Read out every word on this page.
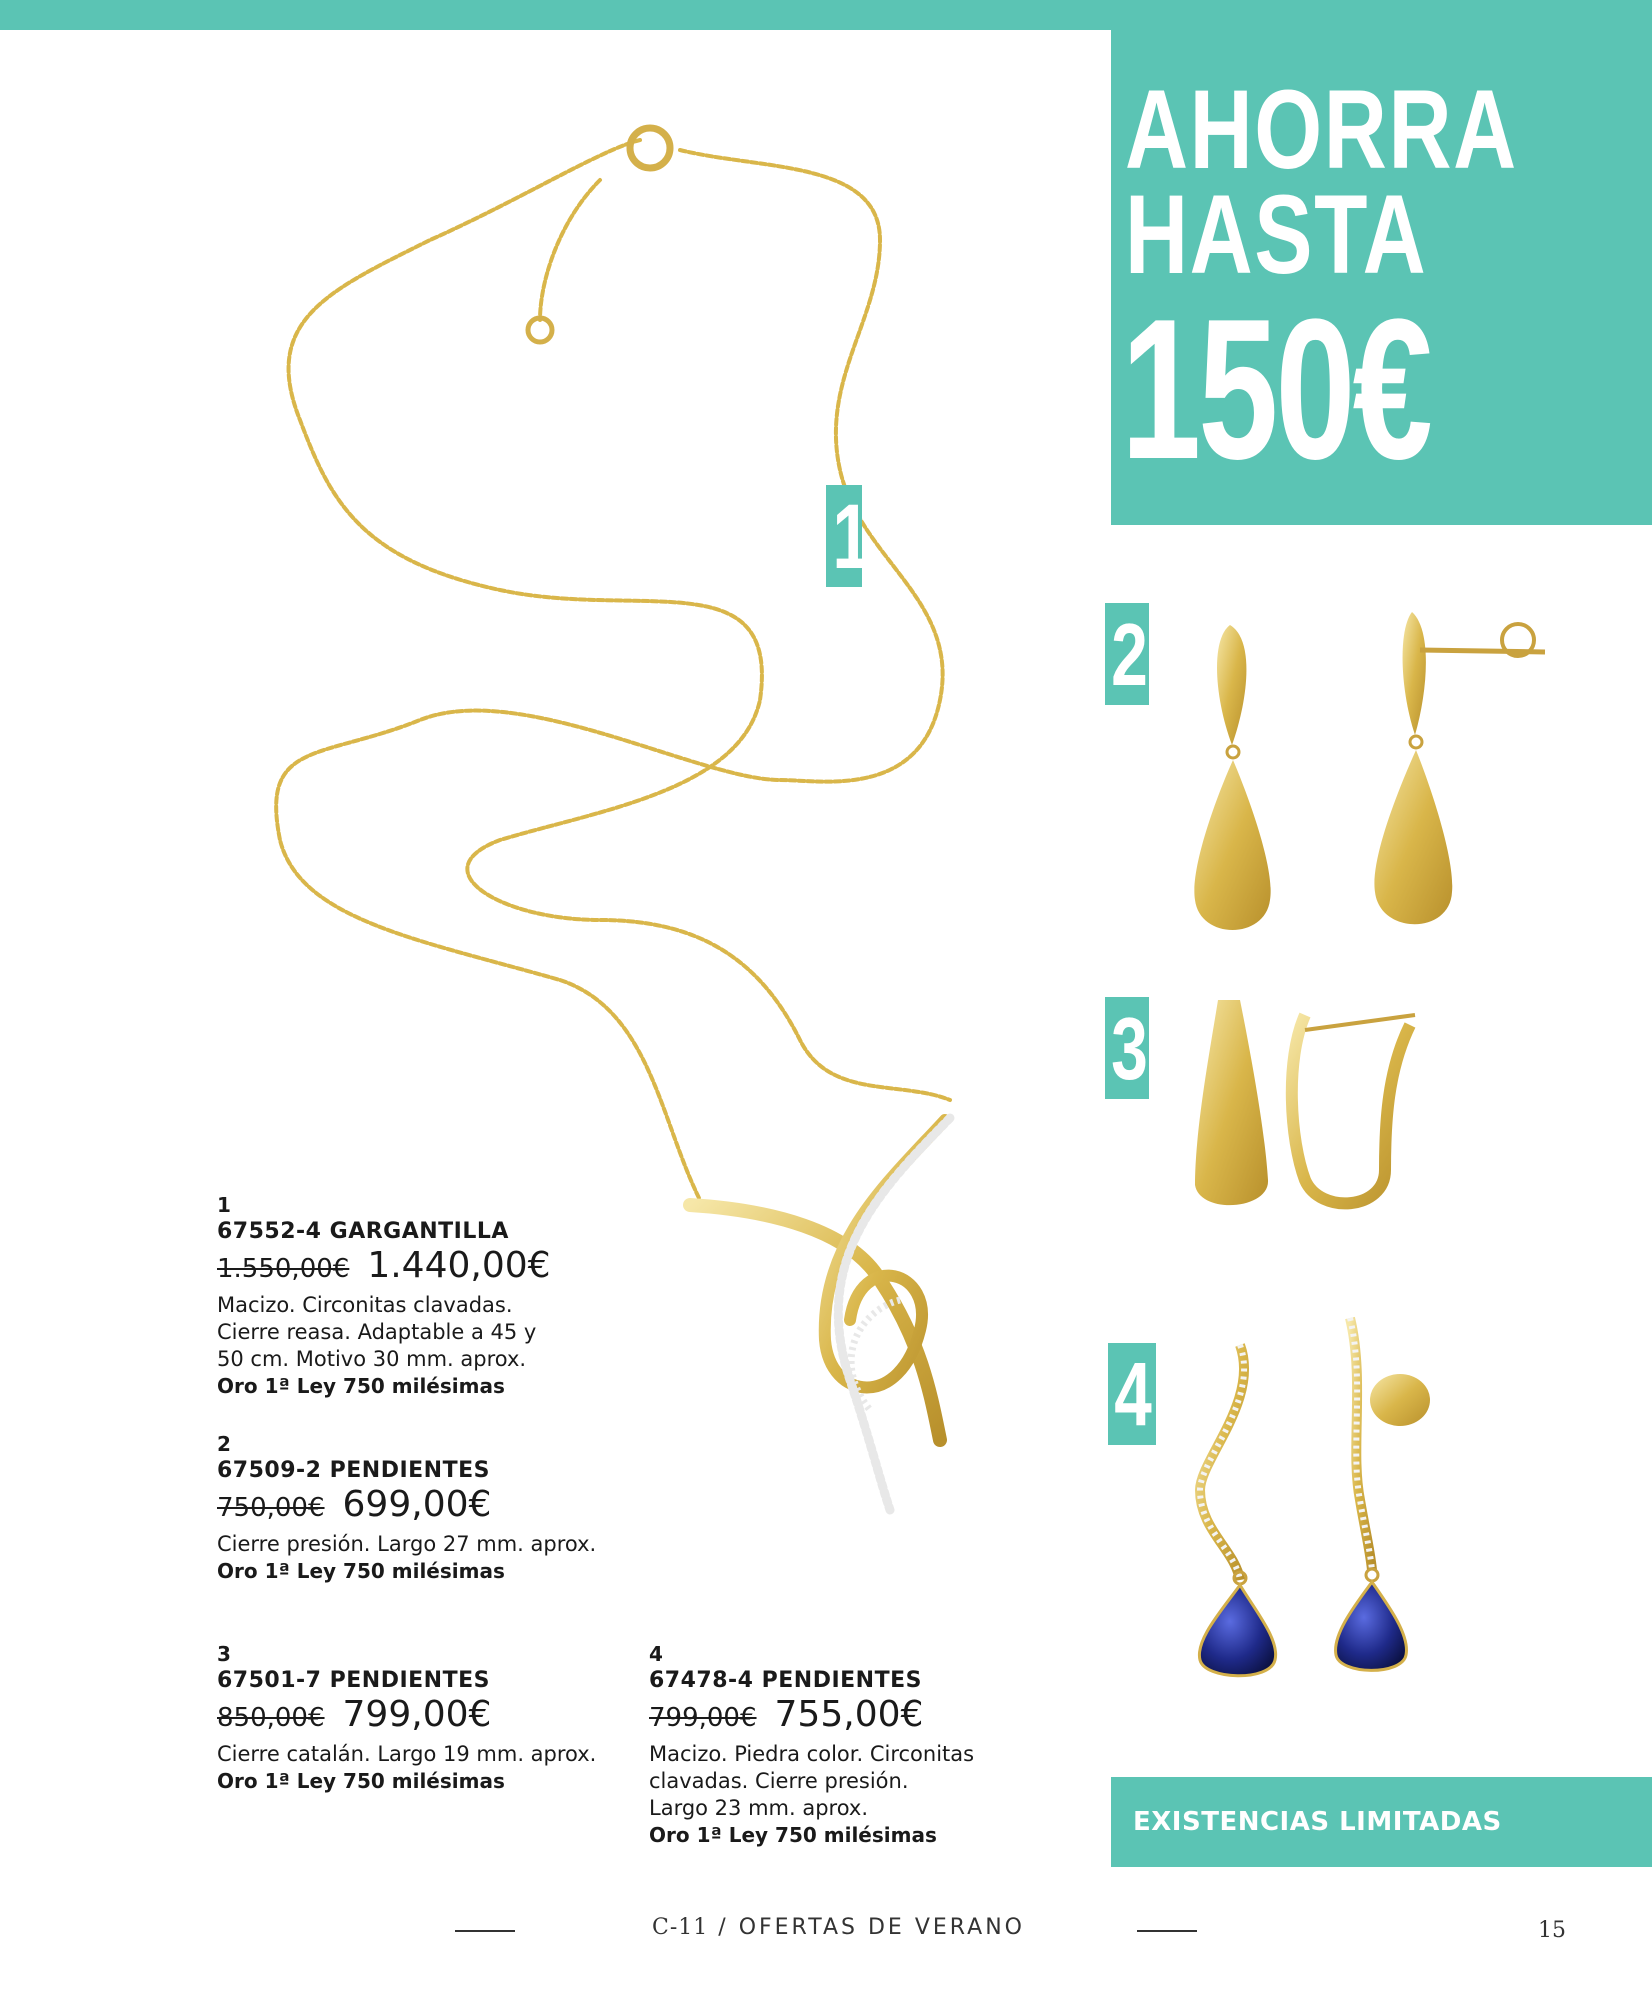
AHORRA
HASTA
150€
1
2
3
4
1
67552-4 GARGANTILLA
1.550,00€ 1.440,00€
Macizo. Circonitas clavadas.
Cierre reasa. Adaptable a 45 y
50 cm. Motivo 30 mm. aprox.
Oro 1ª Ley 750 milésimas
2
67509-2 PENDIENTES
750,00€ 699,00€
Cierre presión. Largo 27 mm. aprox.
Oro 1ª Ley 750 milésimas
3
67501-7 PENDIENTES
850,00€ 799,00€
Cierre catalán. Largo 19 mm. aprox.
Oro 1ª Ley 750 milésimas
4
67478-4 PENDIENTES
799,00€ 755,00€
Macizo. Piedra color. Circonitas
clavadas. Cierre presión.
Largo 23 mm. aprox.
Oro 1ª Ley 750 milésimas	EXISTENCIAS LIMITADAS
C-11 / OFERTAS DE VERANO	15
